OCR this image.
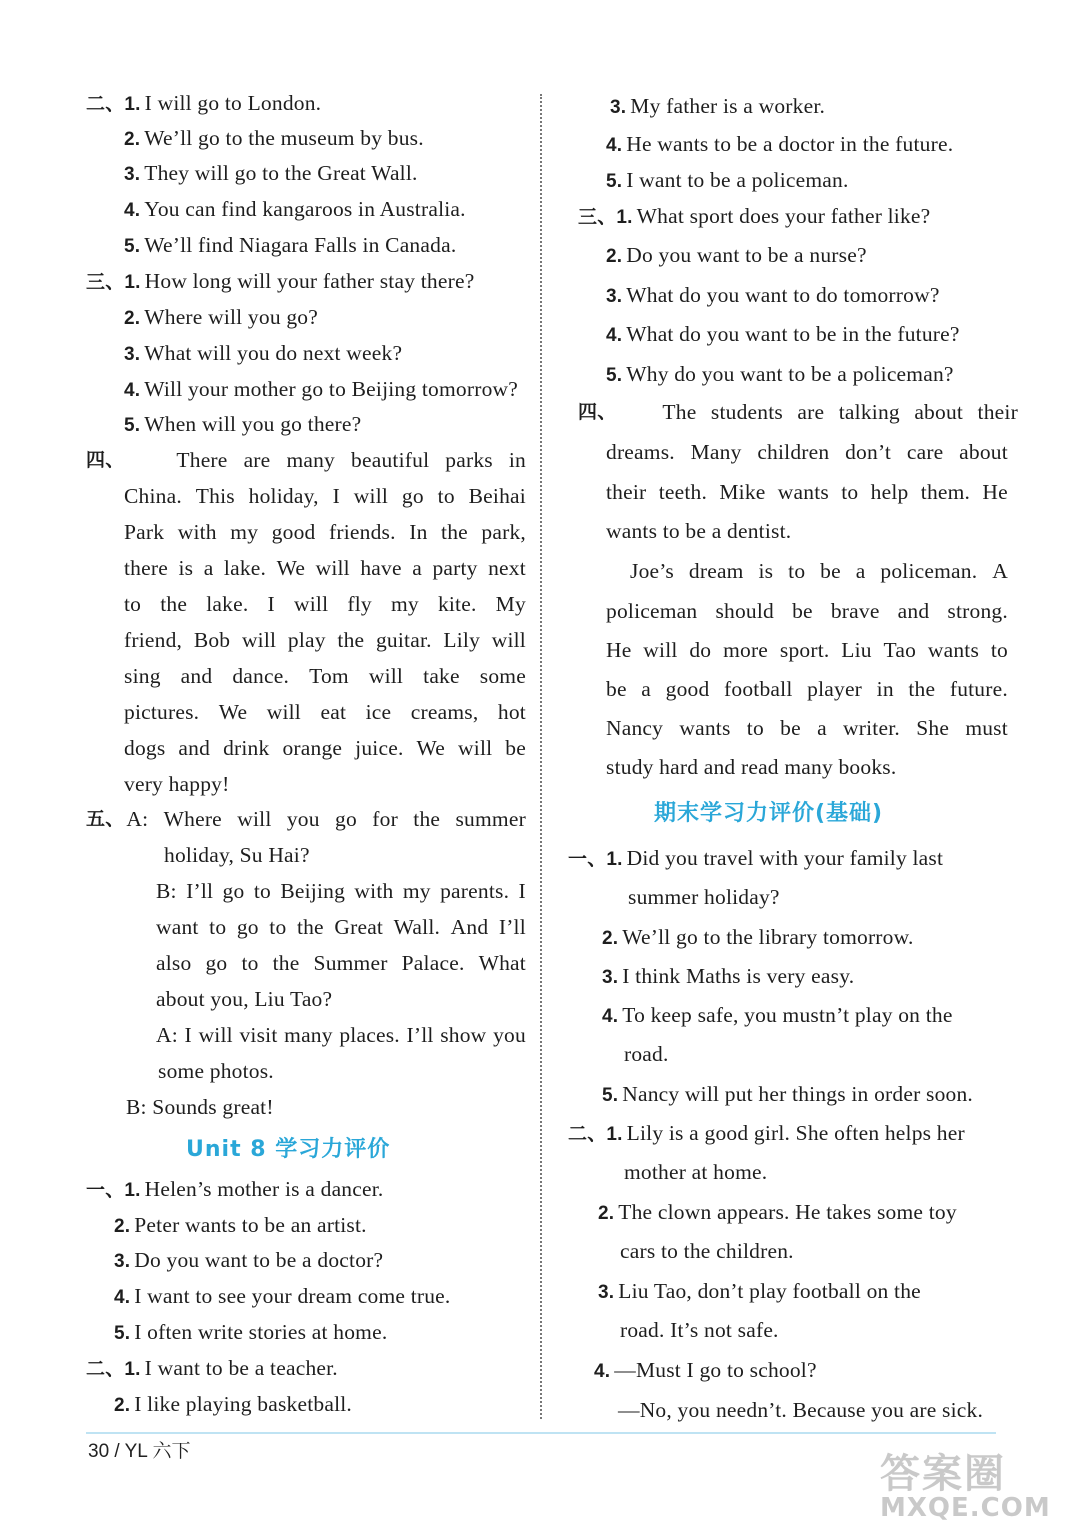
二、1. I will go to London.
2. We’ll go to the museum by bus.
3. They will go to the Great Wall.
4. You can find kangaroos in Australia.
5. We’ll find Niagara Falls in Canada.
三、1. How long will your father stay there?
2. Where will you go?
3. What will you do next week?
4. Will your mother go to Beijing tomorrow?
5. When will you go there?
四、 There are many beautiful parks in
China. This holiday, I will go to Beihai
Park with my good friends. In the park,
there is a lake. We will have a party next
to the lake. I will fly my kite. My
friend, Bob will play the guitar. Lily will
sing and dance. Tom will take some
pictures. We will eat ice creams, hot
dogs and drink orange juice. We will be
very happy!
五、 A: Where will you go for the summer
holiday, Su Hai?
B: I’ll go to Beijing with my parents. I
want to go to the Great Wall. And I’ll
also go to the Summer Palace. What
about you, Liu Tao?
A: I will visit many places. I’ll show you
some photos.
B: Sounds great!
Unit 8 学习力评价
一、1. Helen’s mother is a dancer.
2. Peter wants to be an artist.
3. Do you want to be a doctor?
4. I want to see your dream come true.
5. I often write stories at home.
二、1. I want to be a teacher.
2. I like playing basketball.
3. My father is a worker.
4. He wants to be a doctor in the future.
5. I want to be a policeman.
三、1. What sport does your father like?
2. Do you want to be a nurse?
3. What do you want to do tomorrow?
4. What do you want to be in the future?
5. Why do you want to be a policeman?
四、 The students are talking about their
dreams. Many children don’t care about
their teeth. Mike wants to help them. He
wants to be a dentist.
Joe’s dream is to be a policeman. A
policeman should be brave and strong.
He will do more sport. Liu Tao wants to
be a good football player in the future.
Nancy wants to be a writer. She must
study hard and read many books.
期末学习力评价(基础)
一、1. Did you travel with your family last
summer holiday?
2. We’ll go to the library tomorrow.
3. I think Maths is very easy.
4. To keep safe, you mustn’t play on the
road.
5. Nancy will put her things in order soon.
二、1. Lily is a good girl. She often helps her
mother at home.
2. The clown appears. He takes some toy
cars to the children.
3. Liu Tao, don’t play football on the
road. It’s not safe.
4. —Must I go to school?
—No, you needn’t. Because you are sick.
30 / YL 六下	答案圈
MXQE.COM
